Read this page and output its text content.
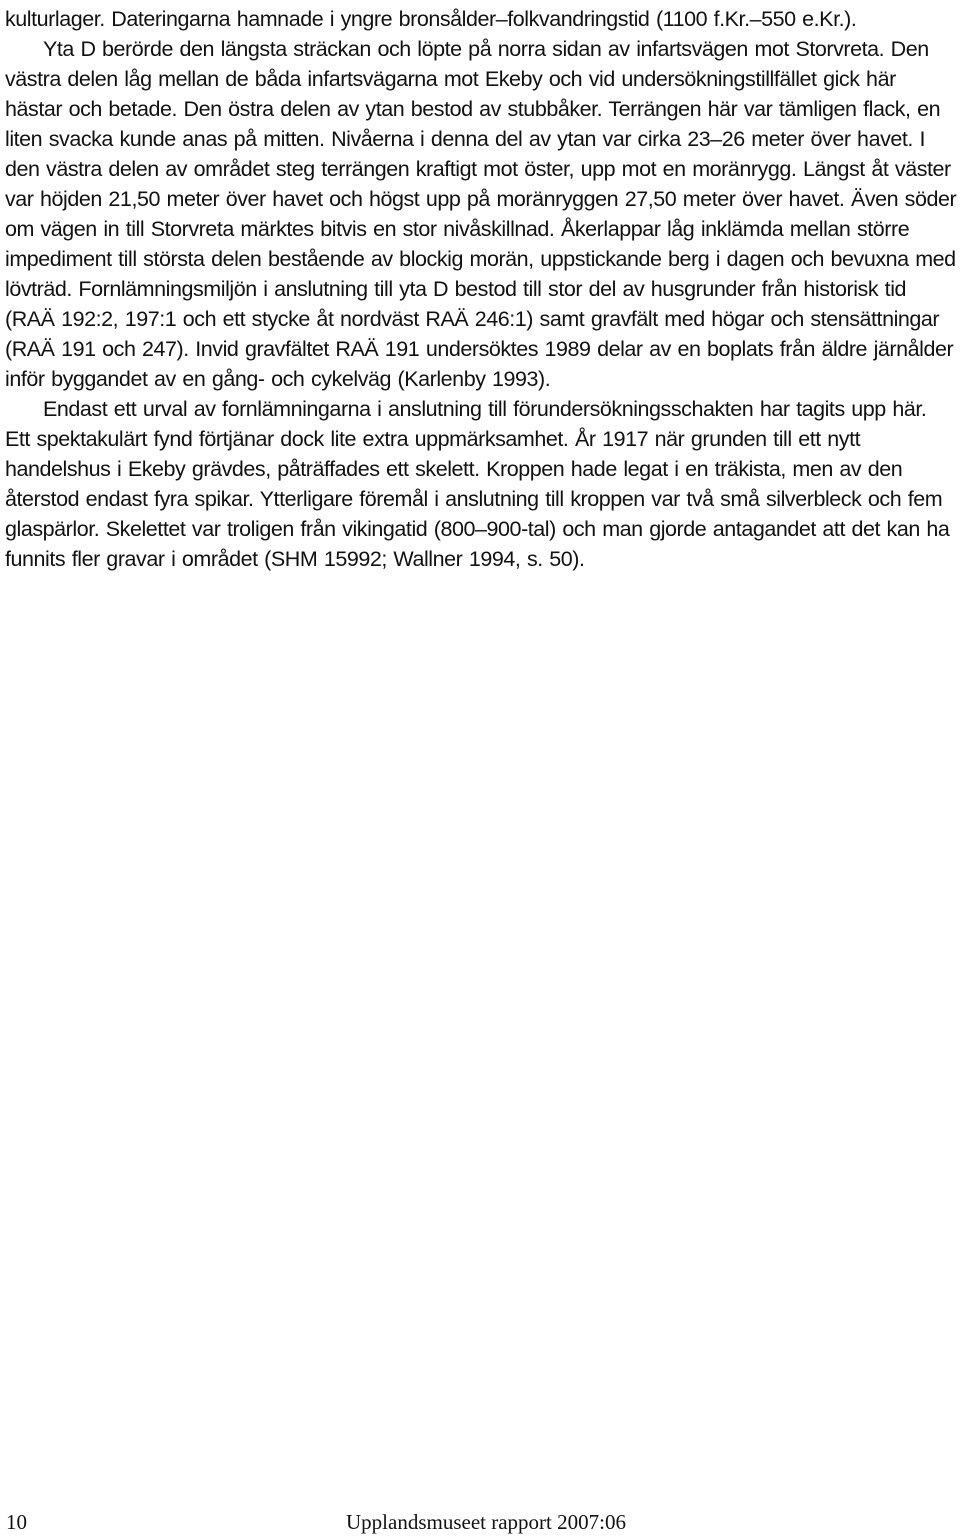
kulturlager. Dateringarna hamnade i yngre bronsålder–folkvandringstid (1100 f.Kr.–550 e.Kr.).

Yta D berörde den längsta sträckan och löpte på norra sidan av infartsvägen mot Storvreta. Den västra delen låg mellan de båda infartsvägarna mot Ekeby och vid undersökningstillfället gick här hästar och betade. Den östra delen av ytan bestod av stubbåker. Terrängen här var tämligen flack, en liten svacka kunde anas på mitten. Nivåerna i denna del av ytan var cirka 23–26 meter över havet. I den västra delen av området steg terrängen kraftigt mot öster, upp mot en moränrygg. Längst åt väster var höjden 21,50 meter över havet och högst upp på moränryggen 27,50 meter över havet. Även söder om vägen in till Storvreta märktes bitvis en stor nivåskillnad. Åkerlappar låg inklämda mellan större impediment till största delen bestående av blockig morän, uppstickande berg i dagen och bevuxna med lövträd. Fornlämningsmiljön i anslutning till yta D bestod till stor del av husgrunder från historisk tid (RAÄ 192:2, 197:1 och ett stycke åt nordväst RAÄ 246:1) samt gravfält med högar och stensättningar (RAÄ 191 och 247). Invid gravfältet RAÄ 191 undersöktes 1989 delar av en boplats från äldre järnålder inför byggandet av en gång- och cykelväg (Karlenby 1993).

Endast ett urval av fornlämningarna i anslutning till förundersökningsschakten har tagits upp här. Ett spektakulärt fynd förtjänar dock lite extra uppmärksamhet. År 1917 när grunden till ett nytt handelshus i Ekeby grävdes, påträffades ett skelett. Kroppen hade legat i en träkista, men av den återstod endast fyra spikar. Ytterligare föremål i anslutning till kroppen var två små silverbleck och fem glaspärlor. Skelettet var troligen från vikingatid (800–900-tal) och man gjorde antagandet att det kan ha funnits fler gravar i området (SHM 15992; Wallner 1994, s. 50).

10	Upplandsmuseet rapport 2007:06
